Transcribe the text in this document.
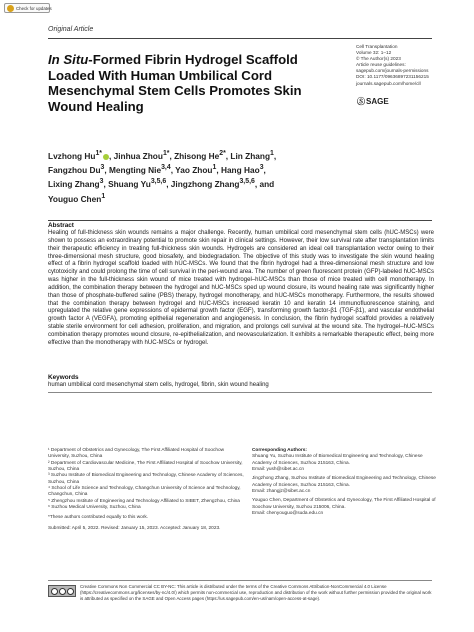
Check for updates
Original Article
In Situ-Formed Fibrin Hydrogel Scaffold Loaded With Human Umbilical Cord Mesenchymal Stem Cells Promotes Skin Wound Healing
Cell Transplantation
Volume 32: 1–12
© The Author(s) 2023
Article reuse guidelines:
sagepub.com/journals-permissions
DOI: 10.1177/09636897231156215
journals.sagepub.com/home/cll
Ⓢ SAGE
Lvzhong $Hu^{1*}$ , Jinhua Zhou$^{1*}$, Zhisong $He^{2*}$, Lin Zhang$^1$,
Fangzhou Du$^3$, Mengting Nie$^{3,4}$, Yao Zhou$^1$, Hang Hao$^3$,
Lixing Zhang$^3$, Shuang Yu$^{3,5,6}$, Jingzhong Zhang$^{3,5,6}$, and
Youguo Chen$^1$
Abstract
Healing of full-thickness skin wounds remains a major challenge. Recently, human umbilical cord mesenchymal stem cells (hUC-MSCs) were shown to possess an extraordinary potential to promote skin repair in clinical settings. However, their low survival rate after transplantation limits their therapeutic efficiency in treating full-thickness skin wounds. Hydrogels are considered an ideal cell transplantation vector owing to their three-dimensional mesh structure, good biosafety, and biodegradation. The objective of this study was to investigate the skin wound healing effect of a fibrin hydrogel scaffold loaded with hUC-MSCs. We found that the fibrin hydrogel had a three-dimensional mesh structure and low cytotoxicity and could prolong the time of cell survival in the peri-wound area. The number of green fluorescent protein (GFP)-labeled hUC-MSCs was higher in the full-thickness skin wound of mice treated with hydrogel–hUC-MSCs than those of mice treated with cell monotherapy. In addition, the combination therapy between the hydrogel and hUC-MSCs sped up wound closure, its wound healing rate was significantly higher than those of phosphate-buffered saline (PBS) therapy, hydrogel monotherapy, and hUC-MSCs monotherapy. Furthermore, the results showed that the combination therapy between hydrogel and hUC-MSCs increased keratin 10 and keratin 14 immunofluorescence staining, and upregulated the relative gene expressions of epidermal growth factor (EGF), transforming growth factor-β1 (TGF-β1), and vascular endothelial growth factor A (VEGFA), promoting epithelial regeneration and angiogenesis. In conclusion, the fibrin hydrogel scaffold provides a relatively stable sterile environment for cell adhesion, proliferation, and migration, and prolongs cell survival at the wound site. The hydrogel–hUC-MSCs combination therapy promotes wound closure, re-epithelialization, and neovascularization. It exhibits a remarkable therapeutic effect, being more effective than the monotherapy with hUC-MSCs or hydrogel.
Keywords
human umbilical cord mesenchymal stem cells, hydrogel, fibrin, skin wound healing
¹ Department of Obstetrics and Gynecology, The First Affiliated Hospital of Soochow University, Suzhou, China
² Department of Cardiovascular Medicine, The First Affiliated Hospital of Soochow University, Suzhou, China
³ Suzhou Institute of Biomedical Engineering and Technology, Chinese Academy of Sciences, Suzhou, China
⁴ School of Life Science and Technology, Changchun University of Science and Technology, Changchun, China
⁵ Zhengzhou Institute of Engineering and Technology Affiliated to SIBET, Zhengzhou, China
⁶ Suzhou Medical University, Suzhou, China
*These authors contributed equally to this work.
Submitted: April 5, 2022. Revised: January 15, 2023. Accepted: January 18, 2023.
Corresponding Authors:
Shuang Yu, Suzhou Institute of Biomedical Engineering and Technology, Chinese Academy of Sciences, Suzhou 215163, China.
Email: yush@sibet.ac.cn
Jingzhong Zhang, Suzhou Institute of Biomedical Engineering and Technology, Chinese Academy of Sciences, Suzhou 215163, China.
Email: zhangjz@sibet.ac.cn
Youguo Chen, Department of Obstetrics and Gynecology, The First Affiliated Hospital of Soochow University, Suzhou 215006, China.
Email: chenyouguo@suda.edu.cn
Creative Commons Non Commercial CC BY-NC: This article is distributed under the terms of the Creative Commons Attribution-NonCommercial 4.0 License (https://creativecommons.org/licenses/by-nc/4.0/) which permits non-commercial use, reproduction and distribution of the work without further permission provided the original work is attributed as specified on the SAGE and Open Access pages (https://us.sagepub.com/en-us/nam/open-access-at-sage).
